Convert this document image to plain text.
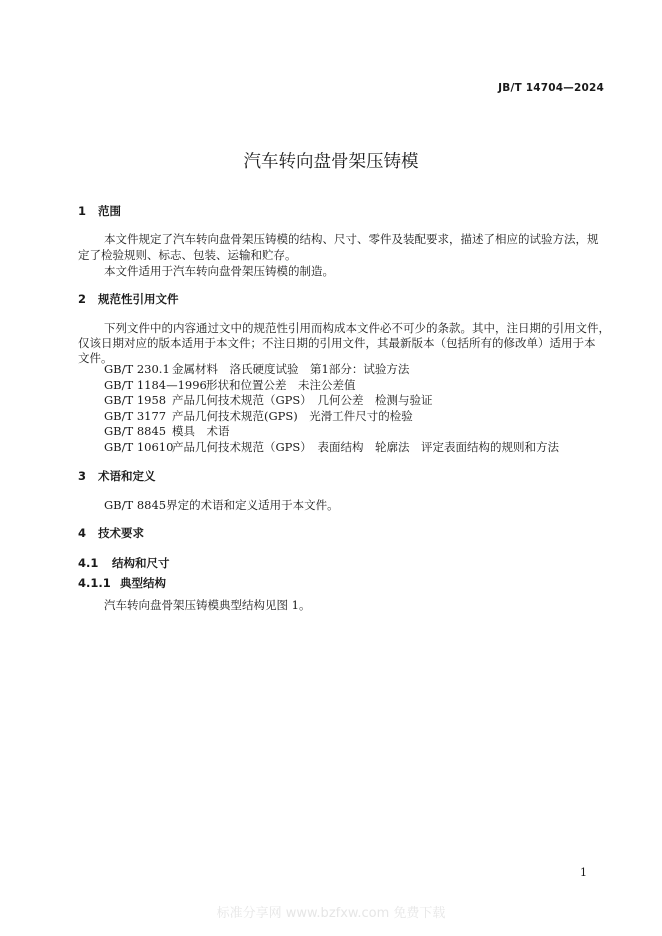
JB/T 14704—2024
汽车转向盘骨架压铸模
1 范围
本文件规定了汽车转向盘骨架压铸模的结构、尺寸、零件及装配要求，描述了相应的试验方法，规
定了检验规则、标志、包装、运输和贮存。
本文件适用于汽车转向盘骨架压铸模的制造。
2 规范性引用文件
下列文件中的内容通过文中的规范性引用而构成本文件必不可少的条款。其中，注日期的引用文件，
仅该日期对应的版本适用于本文件；不注日期的引用文件，其最新版本（包括所有的修改单）适用于本
文件。
GB/T 230.1 金属材料　洛氏硬度试验　第1部分：试验方法
GB/T 1184—1996 形状和位置公差　未注公差值
GB/T 1958 产品几何技术规范（GPS）　几何公差　检测与验证
GB/T 3177 产品几何技术规范(GPS)　光滑工件尺寸的检验
GB/T 8845 模具　术语
GB/T 10610
产品几何技术规范（GPS）　表面结构　轮廓法　评定表面结构的规则和方法
3 术语和定义
GB/T 8845界定的术语和定义适用于本文件。
4 技术要求
4.1 结构和尺寸
4.1.1 典型结构
汽车转向盘骨架压铸模典型结构见图 1。
1
标准分享网 www.bzfxw.com 免费下载
